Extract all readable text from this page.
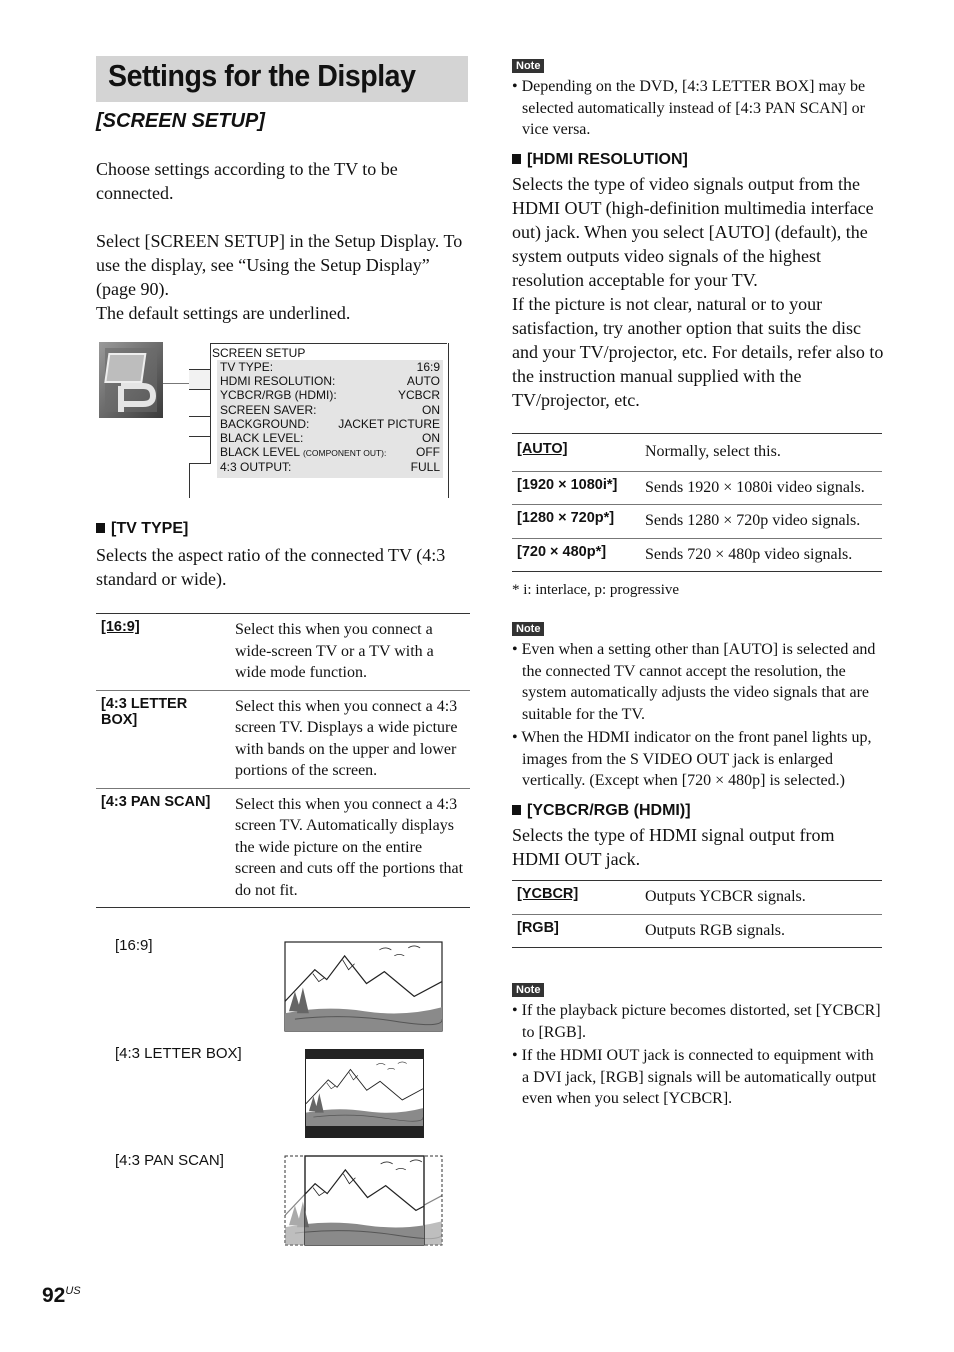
Settings for the Display
[SCREEN SETUP]

Choose settings according to the TV to be connected.

Select [SCREEN SETUP] in the Setup Display. To use the display, see “Using the Setup Display” (page 90).

The default settings are underlined.

SCREEN SETUP
TV TYPE:	16:9
HDMI RESOLUTION:	AUTO
YCBCR/RGB (HDMI):	YCBCR
SCREEN SAVER:	ON
BACKGROUND: JACKET PICTURE
BLACK LEVEL:	ON
BLACK LEVEL (COMPONENT OUT): OFF
4:3 OUTPUT:	FULL
[TV TYPE]
Selects the aspect ratio of the connected TV (4:3 standard or wide).
[16:9]	Select this when you connect a wide-screen TV or a TV with a wide mode function.
[4:3 LETTER BOX]	Select this when you connect a 4:3 screen TV. Displays a wide picture with bands on the upper and lower portions of the screen.
[4:3 PAN SCAN]	Select this when you connect a 4:3 screen TV. Automatically displays the wide picture on the entire screen and cuts off the portions that do not fit.
[16:9]
[4:3 LETTER BOX]
[4:3 PAN SCAN]
$92^{US}$
Note

• Depending on the DVD, [4:3 LETTER BOX] may be selected automatically instead of [4:3 PAN SCAN] or vice versa.

[HDMI RESOLUTION]

Selects the type of video signals output from the HDMI OUT (high-definition multimedia interface out) jack. When you select [AUTO] (default), the system outputs video signals of the highest resolution acceptable for your TV.

If the picture is not clear, natural or to your satisfaction, try another option that suits the disc and your TV/projector, etc. For details, refer also to the instruction manual supplied with the TV/projector, etc.

[AUTO]	Normally, select this.
[1920 × 1080i*]	Sends 1920 × 1080i video signals.
[1280 × 720p*]	Sends 1280 × 720p video signals.
[720 × 480p*]	Sends 720 × 480p video signals.
* i: interlace, p: progressive
Note

• Even when a setting other than [AUTO] is selected and the connected TV cannot accept the resolution, the system automatically adjusts the video signals that are suitable for the TV.

• When the HDMI indicator on the front panel lights up, images from the S VIDEO OUT jack is enlarged vertically. (Except when [720 × 480p] is selected.)

[YCBCR/RGB (HDMI)]
Selects the type of HDMI signal output from HDMI OUT jack.
[YCBCR]	Outputs YCBCR signals.
[RGB]	Outputs RGB signals.
Note

• If the playback picture becomes distorted, set [YCBCR] to [RGB].

• If the HDMI OUT jack is connected to equipment with a DVI jack, [RGB] signals will be automatically output even when you select [YCBCR].
